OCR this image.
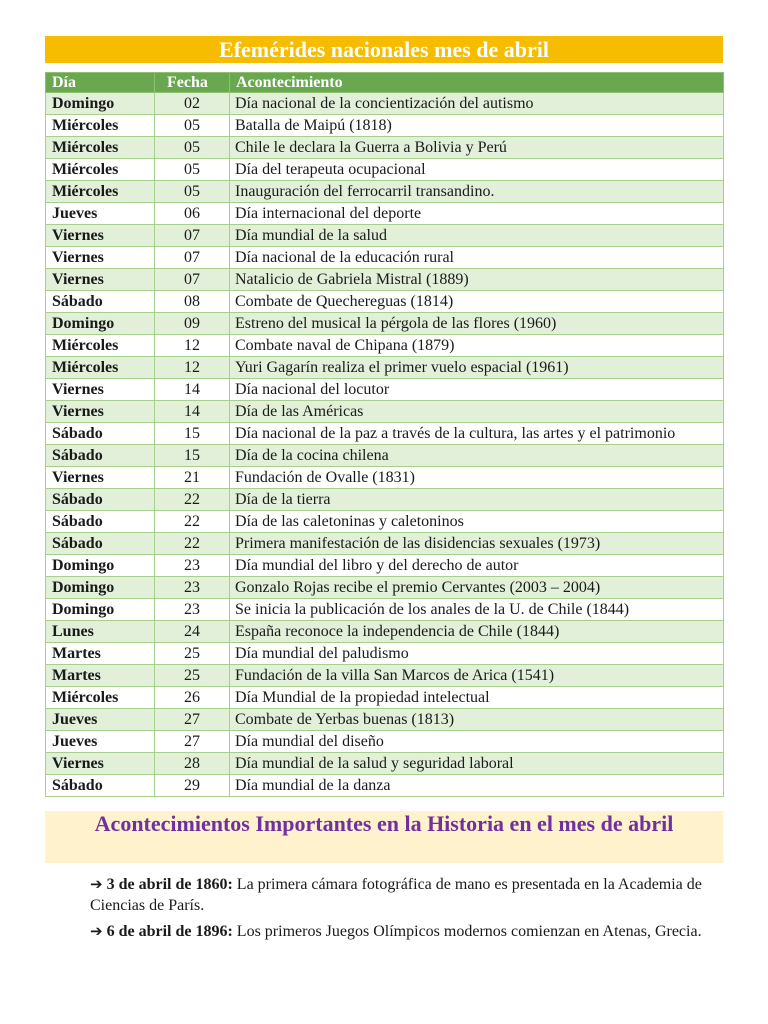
Efemérides nacionales mes de abril
Día	Fecha	Acontecimiento
Domingo	02	Día nacional de la concientización del autismo
Miércoles	05	Batalla de Maipú (1818)
Miércoles	05	Chile le declara la Guerra a Bolivia y Perú
Miércoles	05	Día del terapeuta ocupacional
Miércoles	05	Inauguración del ferrocarril transandino.
Jueves	06	Día internacional del deporte
Viernes	07	Día mundial de la salud
Viernes	07	Día nacional de la educación rural
Viernes	07	Natalicio de Gabriela Mistral (1889)
Sábado	08	Combate de Quechereguas (1814)
Domingo	09	Estreno del musical la pérgola de las flores (1960)
Miércoles	12	Combate naval de Chipana (1879)
Miércoles	12	Yuri Gagarín realiza el primer vuelo espacial (1961)
Viernes	14	Día nacional del locutor
Viernes	14	Día de las Américas
Sábado	15	Día nacional de la paz a través de la cultura, las artes y el patrimonio
Sábado	15	Día de la cocina chilena
Viernes	21	Fundación de Ovalle (1831)
Sábado	22	Día de la tierra
Sábado	22	Día de las caletoninas y caletoninos
Sábado	22	Primera manifestación de las disidencias sexuales (1973)
Domingo	23	Día mundial del libro y del derecho de autor
Domingo	23	Gonzalo Rojas recibe el premio Cervantes (2003 – 2004)
Domingo	23	Se inicia la publicación de los anales de la U. de Chile (1844)
Lunes	24	España reconoce la independencia de Chile (1844)
Martes	25	Día mundial del paludismo
Martes	25	Fundación de la villa San Marcos de Arica (1541)
Miércoles	26	Día Mundial de la propiedad intelectual
Jueves	27	Combate de Yerbas buenas (1813)
Jueves	27	Día mundial del diseño
Viernes	28	Día mundial de la salud y seguridad laboral
Sábado	29	Día mundial de la danza
Acontecimientos Importantes en la Historia en el mes de abril
➔ 3 de abril de 1860: La primera cámara fotográfica de mano es presentada en la Academia de Ciencias de París.
➔ 6 de abril de 1896: Los primeros Juegos Olímpicos modernos comienzan en Atenas, Grecia.
